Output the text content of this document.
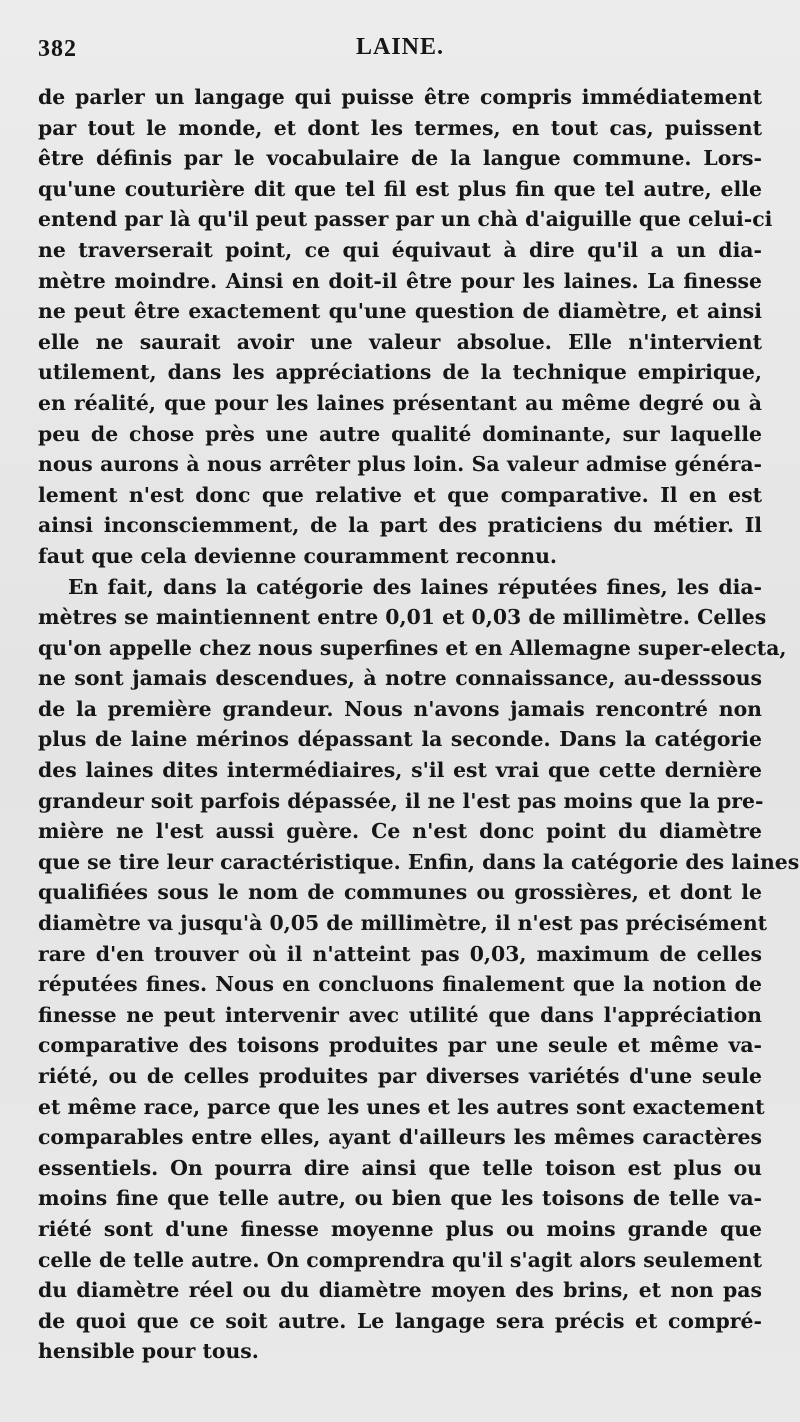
382	LAINE.
de parler un langage qui puisse être compris immédiatement
par tout le monde, et dont les termes, en tout cas, puissent
être définis par le vocabulaire de la langue commune. Lors-
qu'une couturière dit que tel fil est plus fin que tel autre, elle
entend par là qu'il peut passer par un chà d'aiguille que celui-ci
ne traverserait point, ce qui équivaut à dire qu'il a un dia-
mètre moindre. Ainsi en doit-il être pour les laines. La finesse
ne peut être exactement qu'une question de diamètre, et ainsi
elle ne saurait avoir une valeur absolue. Elle n'intervient
utilement, dans les appréciations de la technique empirique,
en réalité, que pour les laines présentant au même degré ou à
peu de chose près une autre qualité dominante, sur laquelle
nous aurons à nous arrêter plus loin. Sa valeur admise généra-
lement n'est donc que relative et que comparative. Il en est
ainsi inconsciemment, de la part des praticiens du métier. Il
faut que cela devienne couramment reconnu.
En fait, dans la catégorie des laines réputées fines, les dia-
mètres se maintiennent entre 0,01 et 0,03 de millimètre. Celles
qu'on appelle chez nous superfines et en Allemagne super-electa,
ne sont jamais descendues, à notre connaissance, au-desssous
de la première grandeur. Nous n'avons jamais rencontré non
plus de laine mérinos dépassant la seconde. Dans la catégorie
des laines dites intermédiaires, s'il est vrai que cette dernière
grandeur soit parfois dépassée, il ne l'est pas moins que la pre-
mière ne l'est aussi guère. Ce n'est donc point du diamètre
que se tire leur caractéristique. Enfin, dans la catégorie des laines
qualifiées sous le nom de communes ou grossières, et dont le
diamètre va jusqu'à 0,05 de millimètre, il n'est pas précisément
rare d'en trouver où il n'atteint pas 0,03, maximum de celles
réputées fines. Nous en concluons finalement que la notion de
finesse ne peut intervenir avec utilité que dans l'appréciation
comparative des toisons produites par une seule et même va-
riété, ou de celles produites par diverses variétés d'une seule
et même race, parce que les unes et les autres sont exactement
comparables entre elles, ayant d'ailleurs les mêmes caractères
essentiels. On pourra dire ainsi que telle toison est plus ou
moins fine que telle autre, ou bien que les toisons de telle va-
riété sont d'une finesse moyenne plus ou moins grande que
celle de telle autre. On comprendra qu'il s'agit alors seulement
du diamètre réel ou du diamètre moyen des brins, et non pas
de quoi que ce soit autre. Le langage sera précis et compré-
hensible pour tous.
